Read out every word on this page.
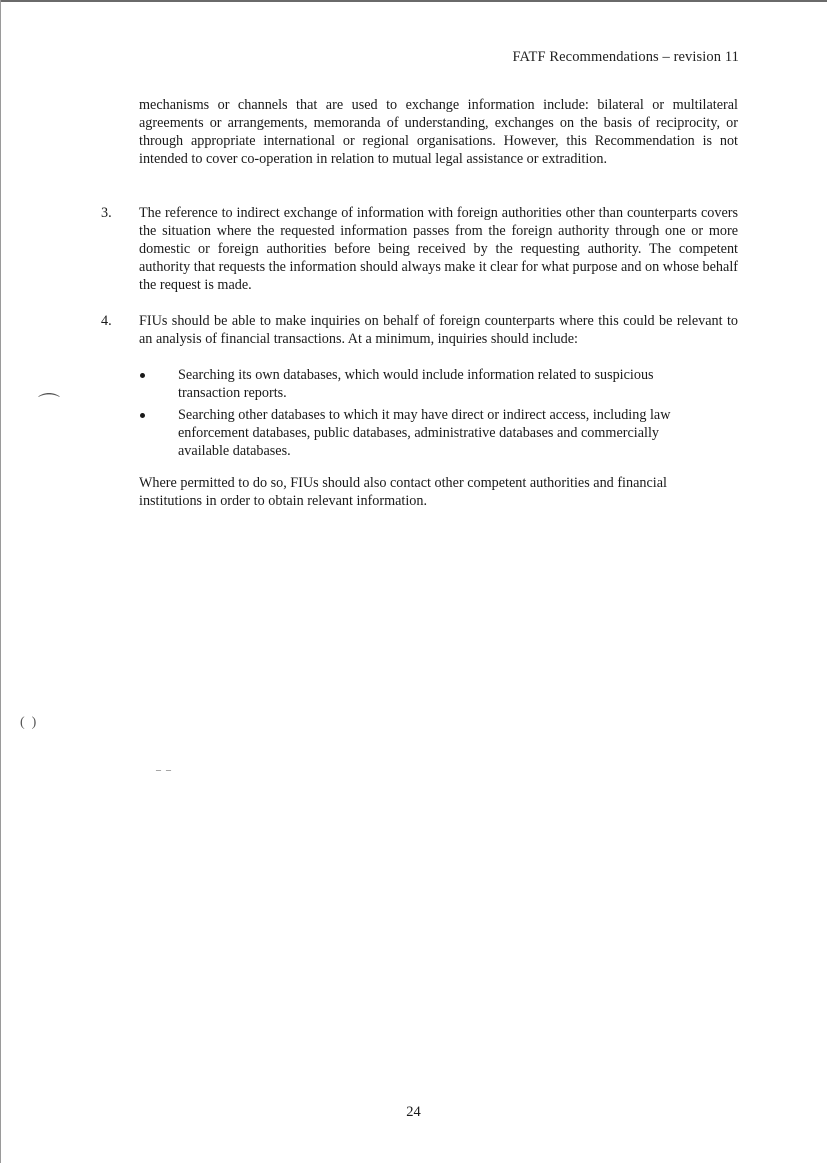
FATF Recommendations – revision 11

mechanisms or channels that are used to exchange information include: bilateral or multilateral agreements or arrangements, memoranda of understanding, exchanges on the basis of reciprocity, or through appropriate international or regional organisations. However, this Recommendation is not intended to cover co-operation in relation to mutual legal assistance or extradition.

3. The reference to indirect exchange of information with foreign authorities other than counterparts covers the situation where the requested information passes from the foreign authority through one or more domestic or foreign authorities before being received by the requesting authority. The competent authority that requests the information should always make it clear for what purpose and on whose behalf the request is made.

4. FIUs should be able to make inquiries on behalf of foreign counterparts where this could be relevant to an analysis of financial transactions. At a minimum, inquiries should include:

Searching its own databases, which would include information related to suspicious transaction reports.
Searching other databases to which it may have direct or indirect access, including law enforcement databases, public databases, administrative databases and commercially available databases.

Where permitted to do so, FIUs should also contact other competent authorities and financial institutions in order to obtain relevant information.

⌒
(  )
‒  ‒
24
